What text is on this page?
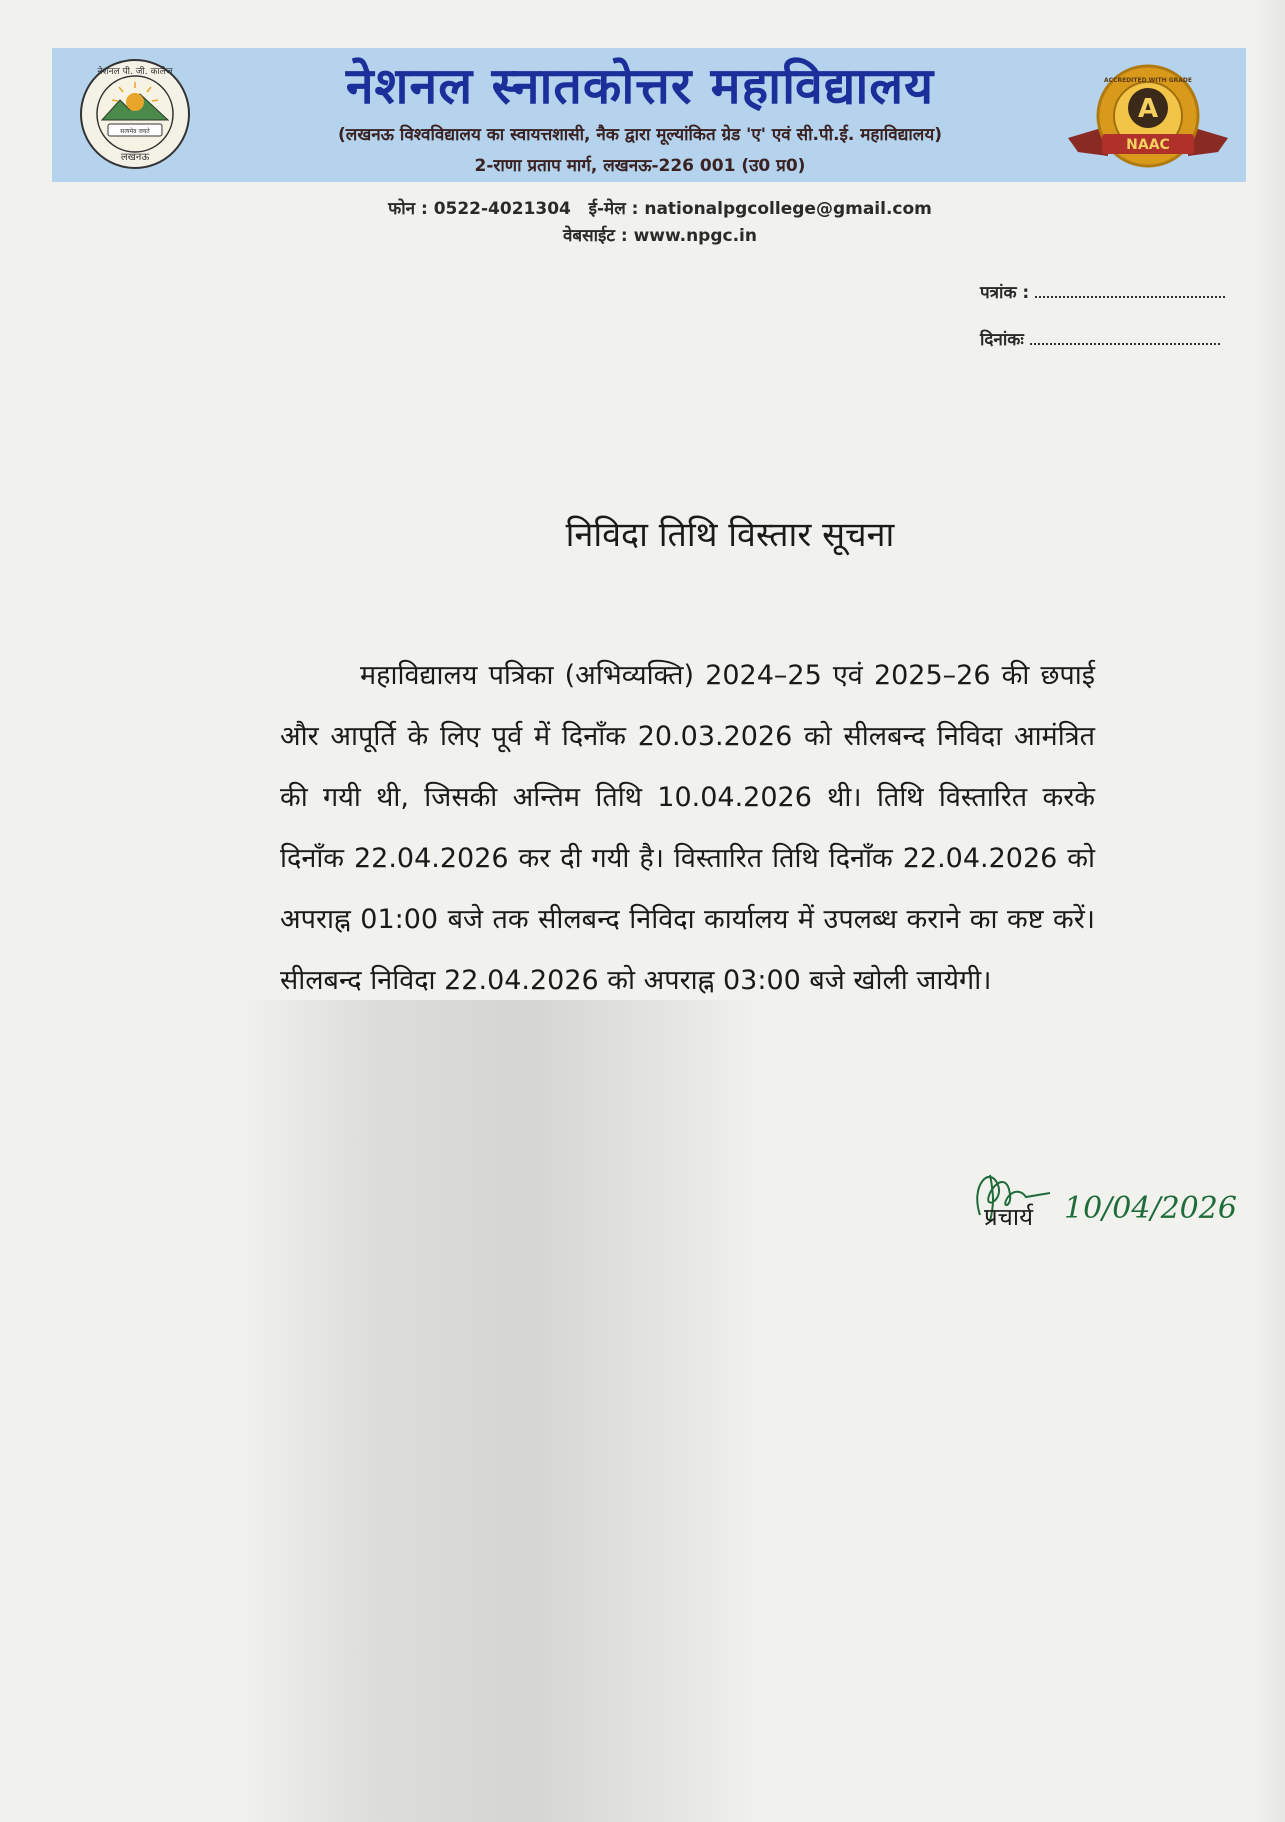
सत्यमेव जयते
नेशनल पी. जी. कालेज
लखनऊ
नेशनल स्नातकोत्तर महाविद्यालय
(लखनऊ विश्वविद्यालय का स्वायत्तशासी, नैक द्वारा मूल्यांकित ग्रेड 'ए' एवं सी.पी.ई. महाविद्यालय)
2-राणा प्रताप मार्ग, लखनऊ-226 001 (उ0 प्र0)
A
ACCREDITED WITH GRADE
NAAC
फोन : 0522-4021304 ई-मेल : nationalpgcollege@gmail.com
वेबसाईट : www.npgc.in
पत्रांक :
दिनांकः
निविदा तिथि विस्तार सूचना
महाविद्यालय पत्रिका (अभिव्यक्ति) 2024–25 एवं 2025–26 की छपाई और आपूर्ति के लिए पूर्व में दिनाँक 20.03.2026 को सीलबन्द निविदा आमंत्रित की गयी थी, जिसकी अन्तिम तिथि 10.04.2026 थी। तिथि विस्तारित करके दिनाँक 22.04.2026 कर दी गयी है। विस्तारित तिथि दिनाँक 22.04.2026 को अपराह्न 01:00 बजे तक सीलबन्द निविदा कार्यालय में उपलब्ध कराने का कष्ट करें। सीलबन्द निविदा 22.04.2026 को अपराह्न 03:00 बजे खोली जायेगी।
10/04/2026
प्रचार्य
